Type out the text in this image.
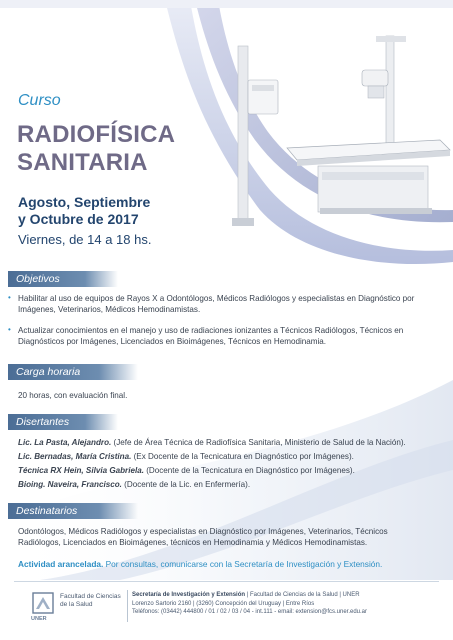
Curso
RADIOFÍSICA
SANITARIA
Agosto, Septiembre
y Octubre de 2017
Viernes, de 14 a 18 hs.
Objetivos
• Habilitar al uso de equipos de Rayos X a Odontólogos, Médicos Radiólogos y especialistas en Diagnóstico por
Imágenes, Veterinarios, Médicos Hemodinamistas.
• Actualizar conocimientos en el manejo y uso de radiaciones ionizantes a Técnicos Radiólogos, Técnicos en
Diagnósticos por Imágenes, Licenciados en Bioimágenes, Técnicos en Hemodinamia.
Carga horaria
20 horas, con evaluación final.
Disertantes
Lic. La Pasta, Alejandro. (Jefe de Área Técnica de Radiofísica Sanitaria, Ministerio de Salud de la Nación).
Lic. Bernadas, María Cristina. (Ex Docente de la Tecnicatura en Diagnóstico por Imágenes).
Técnica RX Hein, Silvia Gabriela. (Docente de la Tecnicatura en Diagnóstico por Imágenes).
Bioing. Naveira, Francisco. (Docente de la Lic. en Enfermería).
Destinatarios
Odontólogos, Médicos Radiólogos y especialistas en Diagnóstico por Imágenes, Veterinarios, Técnicos
Radiólogos, Licenciados en Bioimágenes, técnicos en Hemodinamia y Médicos Hemodinamistas.
Actividad arancelada. Por consultas, comunicarse con la Secretaría de Investigación y Extensión.
UNER
Facultad de Ciencias
de la Salud
Secretaría de Investigación y Extensión | Facultad de Ciencias de la Salud | UNER
Lorenzo Sartorio 2160 | (3260) Concepción del Uruguay | Entre Ríos
Teléfonos: (03442) 444800 / 01 / 02 / 03 / 04 - int.111 - email: extension@fcs.uner.edu.ar
